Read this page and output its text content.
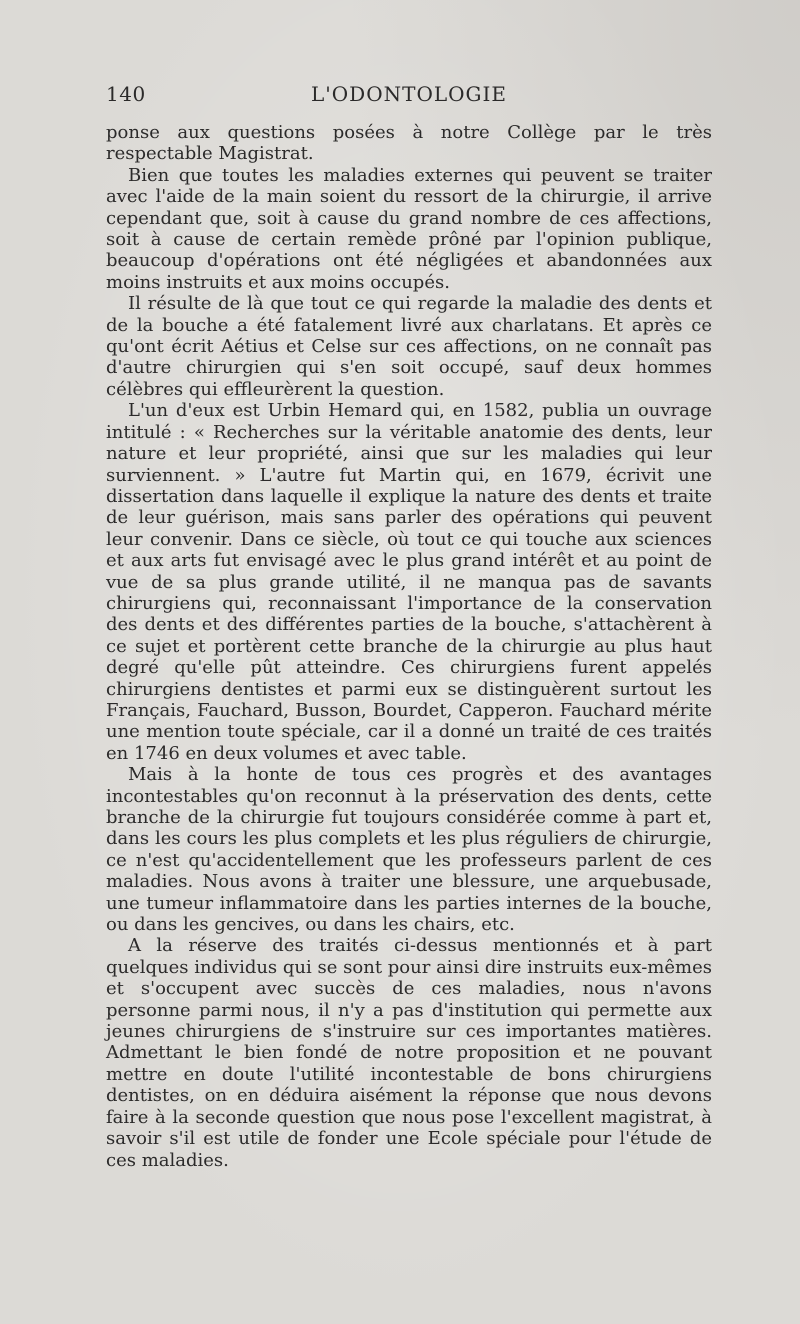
140	L'ODONTOLOGIE

ponse aux questions posées à notre Collège par le très respectable Magistrat.

Bien que toutes les maladies externes qui peuvent se traiter avec l'aide de la main soient du ressort de la chirurgie, il arrive cependant que, soit à cause du grand nombre de ces affections, soit à cause de certain remède prôné par l'opinion publique, beaucoup d'opérations ont été négligées et abandonnées aux moins instruits et aux moins occupés.

Il résulte de là que tout ce qui regarde la maladie des dents et de la bouche a été fatalement livré aux charlatans. Et après ce qu'ont écrit Aétius et Celse sur ces affections, on ne connaît pas d'autre chirurgien qui s'en soit occupé, sauf deux hommes célèbres qui effleurèrent la question.

L'un d'eux est Urbin Hemard qui, en 1582, publia un ouvrage intitulé : « Recherches sur la véritable anatomie des dents, leur nature et leur propriété, ainsi que sur les maladies qui leur surviennent. » L'autre fut Martin qui, en 1679, écrivit une dissertation dans laquelle il explique la nature des dents et traite de leur guérison, mais sans parler des opérations qui peuvent leur convenir. Dans ce siècle, où tout ce qui touche aux sciences et aux arts fut envisagé avec le plus grand intérêt et au point de vue de sa plus grande utilité, il ne manqua pas de savants chirurgiens qui, reconnaissant l'importance de la conservation des dents et des différentes parties de la bouche, s'attachèrent à ce sujet et portèrent cette branche de la chirurgie au plus haut degré qu'elle pût atteindre. Ces chirurgiens furent appelés chirurgiens dentistes et parmi eux se distinguèrent surtout les Français, Fauchard, Busson, Bourdet, Capperon. Fauchard mérite une mention toute spéciale, car il a donné un traité de ces traités en 1746 en deux volumes et avec table.

Mais à la honte de tous ces progrès et des avantages incontestables qu'on reconnut à la préservation des dents, cette branche de la chirurgie fut toujours considérée comme à part et, dans les cours les plus complets et les plus réguliers de chirurgie, ce n'est qu'accidentellement que les professeurs parlent de ces maladies. Nous avons à traiter une blessure, une arquebusade, une tumeur inflammatoire dans les parties internes de la bouche, ou dans les gencives, ou dans les chairs, etc.

A la réserve des traités ci-dessus mentionnés et à part quelques individus qui se sont pour ainsi dire instruits eux-mêmes et s'occupent avec succès de ces maladies, nous n'avons personne parmi nous, il n'y a pas d'institution qui permette aux jeunes chirurgiens de s'instruire sur ces importantes matières. Admettant le bien fondé de notre proposition et ne pouvant mettre en doute l'utilité incontestable de bons chirurgiens dentistes, on en déduira aisément la réponse que nous devons faire à la seconde question que nous pose l'excellent magistrat, à savoir s'il est utile de fonder une Ecole spéciale pour l'étude de ces maladies.
